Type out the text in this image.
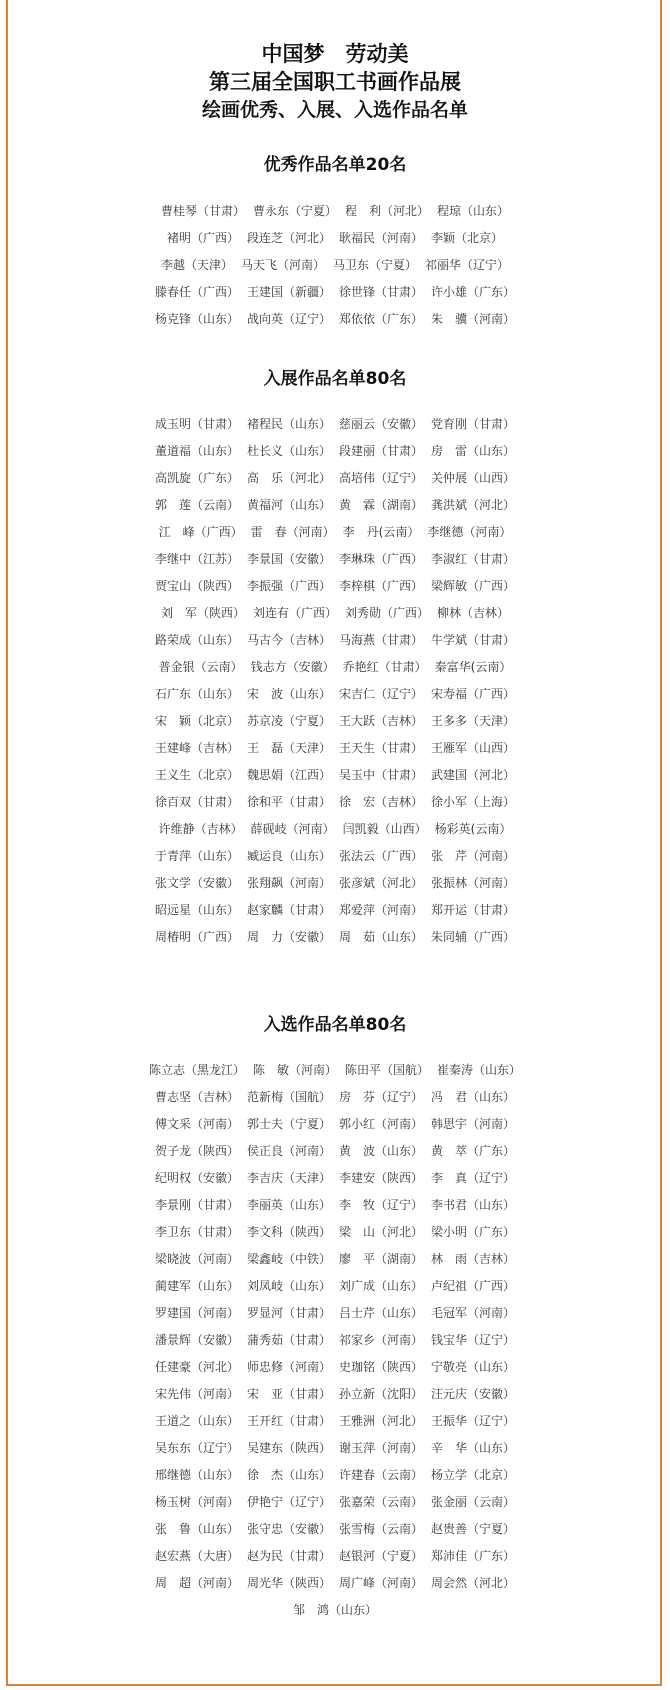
中国梦　劳动美

第三届全国职工书画作品展

绘画优秀、入展、入选作品名单

优秀作品名单20名
曹桂琴（甘肃） 曹永东（宁夏） 程　利（河北） 程琼（山东）
褚明（广西） 段连芝（河北） 耿福民（河南） 李颖（北京）
李越（天津） 马天飞（河南） 马卫东（宁夏） 祁丽华（辽宁）
滕春任（广西） 王建国（新疆） 徐世锋（甘肃） 许小雄（广东）
杨克锋（山东） 战向英（辽宁） 郑依依（广东） 朱　骥（河南）
入展作品名单80名
成玉明（甘肃） 褚程民（山东） 慈丽云（安徽） 党育刚（甘肃）
董道福（山东） 杜长义（山东） 段建丽（甘肃） 房　雷（山东）
高凯旋（广东） 高　乐（河北） 高培伟（辽宁） 关仲展（山西）
郭　莲（云南） 黄福河（山东） 黄　霖（湖南） 龚洪斌（河北）
江　峰（广西） 雷　春（河南） 李　丹(云南） 李继德（河南）
李继中（江苏） 李景国（安徽） 李琳珠（广西） 李淑红（甘肃）
贾宝山（陕西） 李振强（广西） 李梓棋（广西） 梁辉敏（广西）
刘　军（陕西） 刘连有（广西） 刘秀勋（广西） 柳林（吉林）
路荣成（山东） 马古今（吉林） 马海燕（甘肃） 牛学斌（甘肃）
普金银（云南） 钱志方（安徽） 乔艳红（甘肃） 秦富华(云南）
石广东（山东） 宋　波（山东） 宋吉仁（辽宁） 宋寿福（广西）
宋　颖（北京） 苏京凌（宁夏） 王大跃（吉林） 王多多（天津）
王建峰（吉林） 王　磊（天津） 王天生（甘肃） 王雁军（山西）
王义生（北京） 魏思娟（江西） 吴玉中（甘肃） 武建国（河北）
徐百双（甘肃） 徐和平（甘肃） 徐　宏（吉林） 徐小军（上海）
许维静（吉林） 薛砚岐（河南） 闫凯毅（山西） 杨彩英(云南）
于青萍（山东） 臧运良（山东） 张法云（广西） 张　芹（河南）
张文学（安徽） 张翔飙（河南） 张彦斌（河北） 张振林（河南）
昭远星（山东） 赵家麟（甘肃） 郑爱萍（河南） 郑开运（甘肃）
周椿明（广西） 周　力（安徽） 周　茹（山东） 朱同辅（广西）
入选作品名单80名
陈立志（黑龙江） 陈　敏（河南） 陈田平（国航） 崔秦涛（山东）
曹志坚（吉林） 范新梅（国航） 房　芬（辽宁） 冯　君（山东）
傅文采（河南） 郭士夫（宁夏） 郭小红（河南） 韩思宇（河南）
贺子龙（陕西） 侯正良（河南） 黄　波（山东） 黄　萃（广东）
纪明权（安徽） 李吉庆（天津） 李建安（陕西） 李　真（辽宁）
李景刚（甘肃） 李丽英（山东） 李　牧（辽宁） 李书君（山东）
李卫东（甘肃） 李文科（陕西） 梁　山（河北） 梁小明（广东）
梁晓波（河南） 梁鑫岐（中铁） 廖　平（湖南） 林　雨（吉林）
蔺建军（山东） 刘凤岐（山东） 刘广成（山东） 卢纪祖（广西）
罗建国（河南） 罗显河（甘肃） 吕士芹（山东） 毛冠军（河南）
潘景辉（安徽） 蒲秀茹（甘肃） 祁家乡（河南） 钱宝华（辽宁）
任建豪（河北） 师忠修（河南） 史珈铭（陕西） 宁敬亮（山东）
宋先伟（河南） 宋　亚（甘肃） 孙立新（沈阳） 汪元庆（安徽）
王道之（山东） 王开红（甘肃） 王雅洲（河北） 王振华（辽宁）
吴东东（辽宁） 吴建东（陕西） 谢玉萍（河南） 辛　华（山东）
邢继德（山东） 徐　杰（山东） 许建春（云南） 杨立学（北京）
杨玉树（河南） 伊艳宁（辽宁） 张嘉荣（云南） 张金丽（云南）
张　鲁（山东） 张守忠（安徽） 张雪梅（云南） 赵贵善（宁夏）
赵宏燕（大唐） 赵为民（甘肃） 赵银河（宁夏） 郑沛佳（广东）
周　超（河南） 周光华（陕西） 周广峰（河南） 周会然（河北）
邹　鸿（山东）
